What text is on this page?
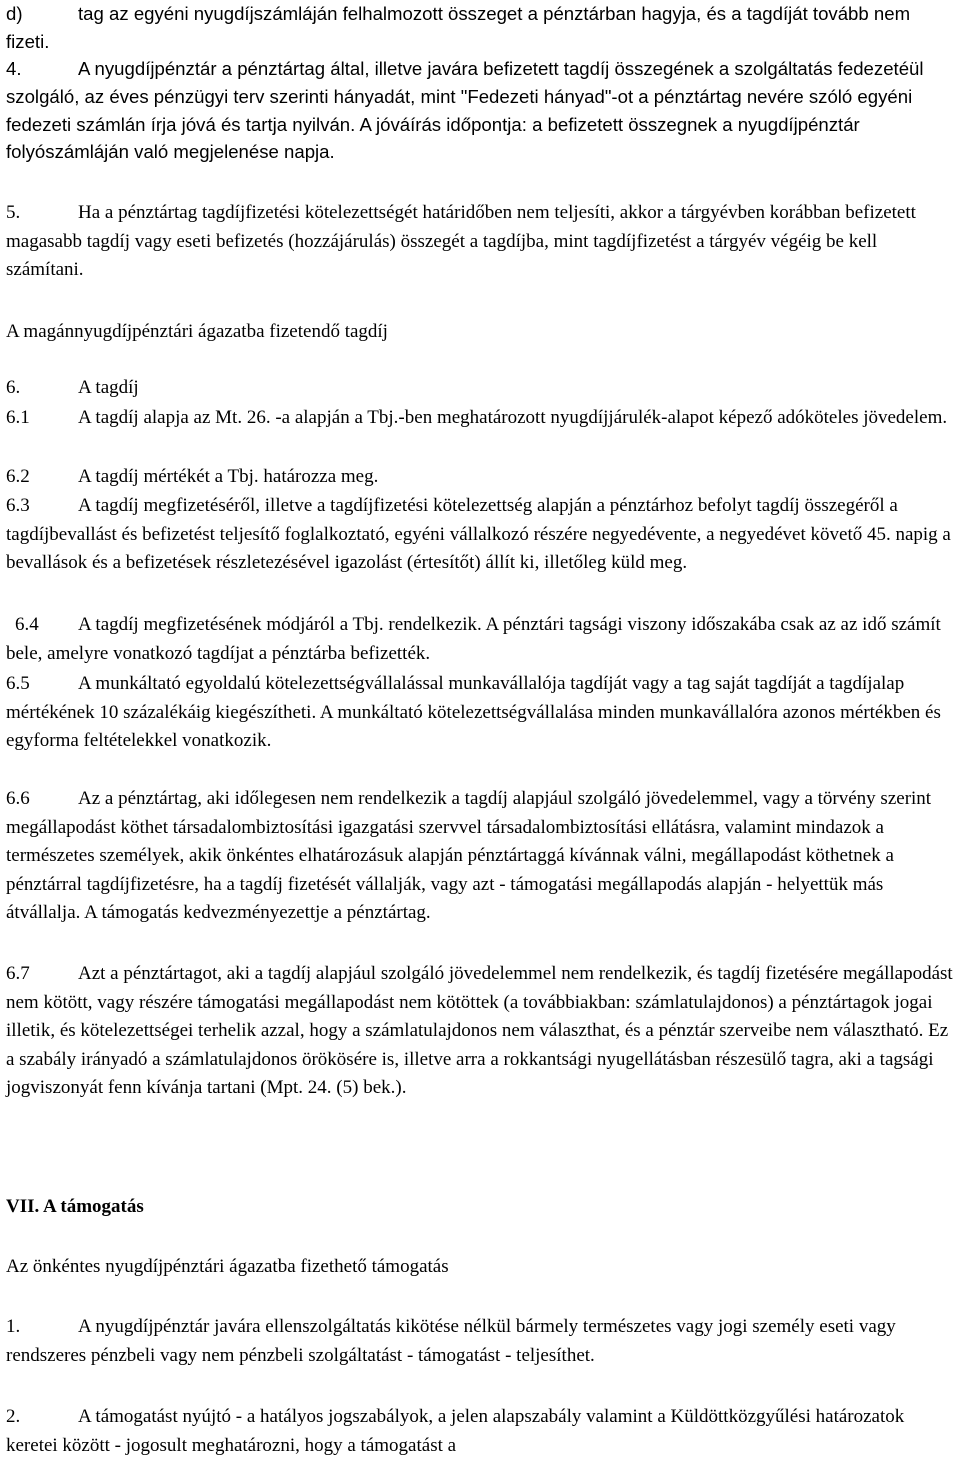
d)	tag az egyéni nyugdíjszámláján felhalmozott összeget a pénztárban hagyja, és a tagdíját tovább nem fizeti.
4.	A nyugdíjpénztár a pénztártag által, illetve javára befizetett tagdíj összegének a szolgáltatás fedezetéül szolgáló, az éves pénzügyi terv szerinti hányadát, mint "Fedezeti hányad"-ot a pénztártag nevére szóló egyéni fedezeti számlán írja jóvá és tartja nyilván. A jóváírás időpontja: a befizetett összegnek a nyugdíjpénztár folyószámláján való megjelenése napja.
5.	Ha a pénztártag tagdíjfizetési kötelezettségét határidőben nem teljesíti, akkor a tárgyévben korábban befizetett magasabb tagdíj vagy eseti befizetés (hozzájárulás) összegét a tagdíjba, mint tagdíjfizetést a tárgyév végéig be kell számítani.
A magánnyugdíjpénztári ágazatba fizetendő tagdíj
6.	A tagdíj
6.1	A tagdíj alapja az Mt. 26. -a alapján a Tbj.-ben meghatározott nyugdíjjárulék-alapot képező adóköteles jövedelem.
6.2	A tagdíj mértékét a Tbj. határozza meg.
6.3	A tagdíj megfizetéséről, illetve a tagdíjfizetési kötelezettség alapján a pénztárhoz befolyt tagdíj összegéről a tagdíjbevallást és befizetést teljesítő foglalkoztató, egyéni vállalkozó részére negyedévente, a negyedévet követő 45. napig a bevallások és a befizetések részletezésével igazolást (értesítőt) állít ki, illetőleg küld meg.
6.4 A tagdíj megfizetésének módjáról a Tbj. rendelkezik. A pénztári tagsági viszony időszakába csak az az idő számít bele, amelyre vonatkozó tagdíjat a pénztárba befizették.
6.5	A munkáltató egyoldalú kötelezettségvállalással munkavállalója tagdíját vagy a tag saját tagdíját a tagdíjalap mértékének 10 százalékáig kiegészítheti. A munkáltató kötelezettségvállalása minden munkavállalóra azonos mértékben és egyforma feltételekkel vonatkozik.
6.6	Az a pénztártag, aki időlegesen nem rendelkezik a tagdíj alapjául szolgáló jövedelemmel, vagy a törvény szerint megállapodást köthet társadalombiztosítási igazgatási szervvel társadalombiztosítási ellátásra, valamint mindazok a természetes személyek, akik önkéntes elhatározásuk alapján pénztártaggá kívánnak válni, megállapodást köthetnek a pénztárral tagdíjfizetésre, ha a tagdíj fizetését vállalják, vagy azt - támogatási megállapodás alapján - helyettük más átvállalja. A támogatás kedvezményezettje a pénztártag.
6.7	Azt a pénztártagot, aki a tagdíj alapjául szolgáló jövedelemmel nem rendelkezik, és tagdíj fizetésére megállapodást nem kötött, vagy részére támogatási megállapodást nem kötöttek (a továbbiakban: számlatulajdonos) a pénztártagok jogai illetik, és kötelezettségei terhelik azzal, hogy a számlatulajdonos nem választhat, és a pénztár szerveibe nem választható. Ez a szabály irányadó a számlatulajdonos örökösére is, illetve arra a rokkantsági nyugellátásban részesülő tagra, aki a tagsági jogviszonyát fenn kívánja tartani (Mpt. 24. (5) bek.).
VII. A támogatás
Az önkéntes nyugdíjpénztári ágazatba fizethető támogatás
1.	A nyugdíjpénztár javára ellenszolgáltatás kikötése nélkül bármely természetes vagy jogi személy eseti vagy rendszeres pénzbeli vagy nem pénzbeli szolgáltatást - támogatást - teljesíthet.
2.	A támogatást nyújtó - a hatályos jogszabályok, a jelen alapszabály valamint a Küldöttközgyűlési határozatok keretei között - jogosult meghatározni, hogy a támogatást a
